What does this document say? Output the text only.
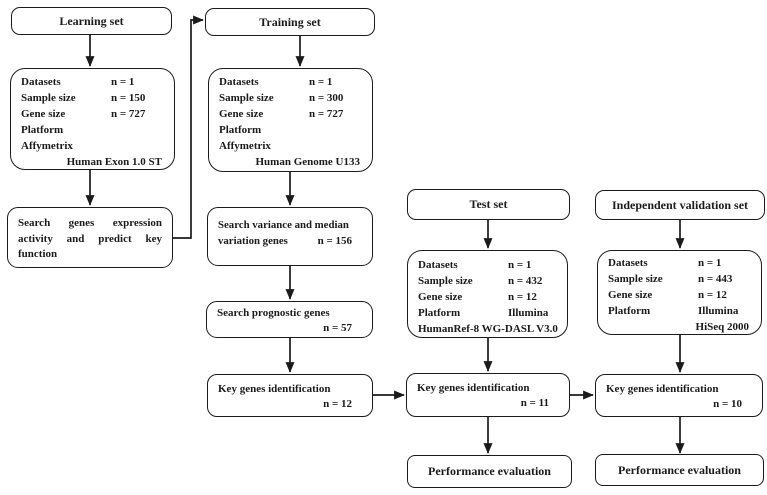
Learning set
Datasets	n = 1
Sample size	n = 150
Gene size	n = 727
Platform
Affymetrix
Human Exon 1.0 ST
Search genes expression activity and predict key function
Training set
Datasets	n = 1
Sample size	n = 300
Gene size	n = 727
Platform
Affymetrix
Human Genome U133
Search variance and median variation genes	n = 156
Search prognostic genes
n = 57
Key genes identification
n = 12
Test set
Datasets	n = 1
Sample size	n = 432
Gene size	n = 12
Platform	Illumina
HumanRef-8 WG-DASL V3.0
Key genes identification
n = 11
Performance evaluation
Independent validation set
Datasets	n = 1
Sample size	n = 443
Gene size	n = 12
Platform	Illumina
HiSeq 2000
Key genes identification
n = 10
Performance evaluation
